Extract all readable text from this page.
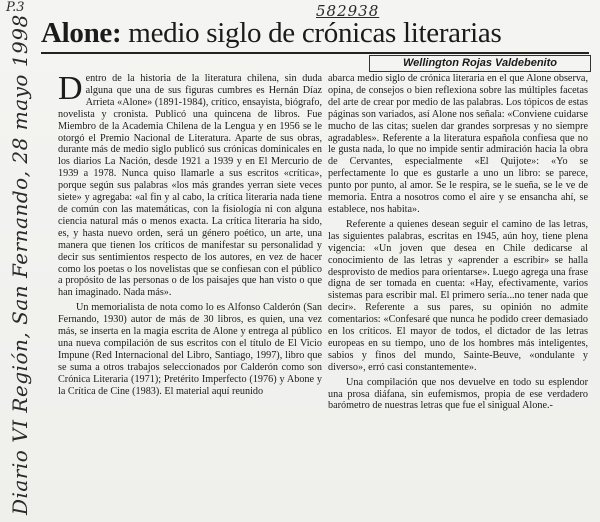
P.3	582938
Diario VI Región, San Fernando, 28 mayo 1998 Alone: medio siglo de crónicas literarias
Wellington Rojas Valdebenito

Dentro de la historia de la literatura chilena, sin duda alguna que una de sus figuras cumbres es Hernán Díaz Arrieta «Alone» (1891-1984), crítico, ensayista, biógrafo, novelista y cronista. Publicó una quincena de libros. Fue Miembro de la Academia Chilena de la Lengua y en 1956 se le otorgó el Premio Nacional de Literatura. Aparte de sus obras, durante más de medio siglo publicó sus crónicas dominicales en los diarios La Nación, desde 1921 a 1939 y en El Mercurio de 1939 a 1978. Nunca quiso llamarle a sus escritos «crítica», porque según sus palabras «los más grandes yerran siete veces siete» y agregaba: «al fin y al cabo, la crítica literaria nada tiene de común con las matemáticas, con la fisiología ni con alguna ciencia natural más o menos exacta. La crítica literaria ha sido, es, y hasta nuevo orden, será un género poético, un arte, una manera que tienen los críticos de manifestar su personalidad y decir sus sentimientos respecto de los autores, en vez de hacer como los poetas o los novelistas que se confiesan con el público a propósito de las personas o de los paisajes que han visto o que han imaginado. Nada más».

Un memorialista de nota como lo es Alfonso Calderón (San Fernando, 1930) autor de más de 30 libros, es quien, una vez más, se inserta en la magia escrita de Alone y entrega al público una nueva compilación de sus escritos con el título de El Vicio Impune (Red Internacional del Libro, Santiago, 1997), libro que se suma a otros trabajos seleccionados por Calderón como son Crónica Literaria (1971); Pretérito Imperfecto (1976) y Abone y la Crítica de Cine (1983). El material aquí reunido

abarca medio siglo de crónica literaria en el que Alone observa, opina, de consejos o bien reflexiona sobre las múltiples facetas del arte de crear por medio de las palabras. Los tópicos de estas páginas son variados, así Alone nos señala: «Conviene cuidarse mucho de las citas; suelen dar grandes sorpresas y no siempre agradables». Referente a la literatura española confiesa que no le gusta nada, lo que no impide sentir admiración hacia la obra de Cervantes, especialmente «El Quijote»: «Yo se perfectamente lo que es gustarle a uno un libro: se parece, punto por punto, al amor. Se le respira, se le sueña, se le ve de memoria. Entra a nosotros como el aire y se ensancha ahí, se establece, nos habita».

Referente a quienes desean seguir el camino de las letras, las siguientes palabras, escritas en 1945, aún hoy, tiene plena vigencia: «Un joven que desea en Chile dedicarse al conocimiento de las letras y «aprender a escribir» se halla desprovisto de medios para orientarse». Luego agrega una frase digna de ser tomada en cuenta: «Hay, efectivamente, varios sistemas para escribir mal. El primero sería...no tener nada que decir». Referente a sus pares, su opinión no admite comentarios: «Confesaré que nunca he podido creer demasiado en los críticos. El mayor de todos, el dictador de las letras europeas en su tiempo, uno de los hombres más inteligentes, sabios y finos del mundo, Sainte-Beuve, «ondulante y diverso», erró casi constantemente».

Una compilación que nos devuelve en todo su esplendor una prosa diáfana, sin eufemismos, propia de ese verdadero barómetro de nuestras letras que fue el sinigual Alone.-
